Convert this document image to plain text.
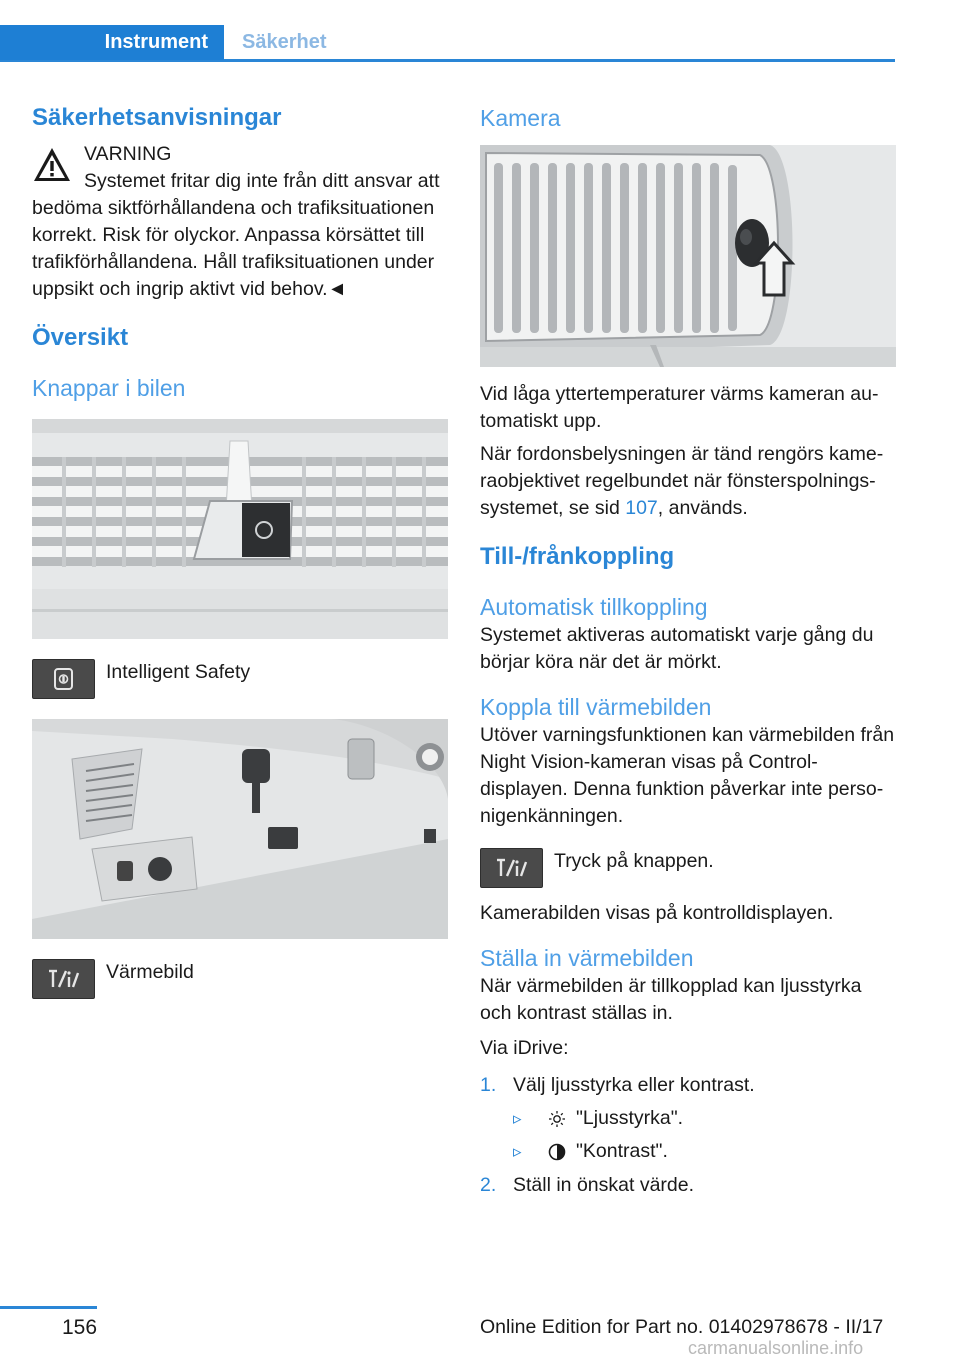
Instrument	Säkerhet
Säkerhetsanvisningar
VARNING
Systemet fritar dig inte från ditt ansvar att
bedöma siktförhållandena och trafiksituationen korrekt. Risk för olyckor. Anpassa körsättet till trafikförhållandena. Håll trafiksituationen under uppsikt och ingrip aktivt vid behov.◄
Översikt
Knappar i bilen
Intelligent Safety
Värmebild
Kamera
Vid låga yttertemperaturer värms kameran au-tomatiskt upp.
När fordonsbelysningen är tänd rengörs kame-raobjektivet regelbundet när fönsterspolnings-systemet, se sid 107, används.
Till-/frånkoppling
Automatisk tillkoppling
Systemet aktiveras automatiskt varje gång du börjar köra när det är mörkt.
Koppla till värmebilden
Utöver varningsfunktionen kan värmebilden från Night Vision-kameran visas på Control-displayen. Denna funktion påverkar inte perso-nigenkänningen.
Tryck på knappen.
Kamerabilden visas på kontrolldisplayen.
Ställa in värmebilden
När värmebilden är tillkopplad kan ljusstyrka och kontrast ställas in.
Via iDrive:
1. Välj ljusstyrka eller kontrast.
▹	"Ljusstyrka".
▹	"Kontrast".
2. Ställ in önskat värde.
156	Online Edition for Part no. 01402978678 - II/17
carmanualsonline.info
